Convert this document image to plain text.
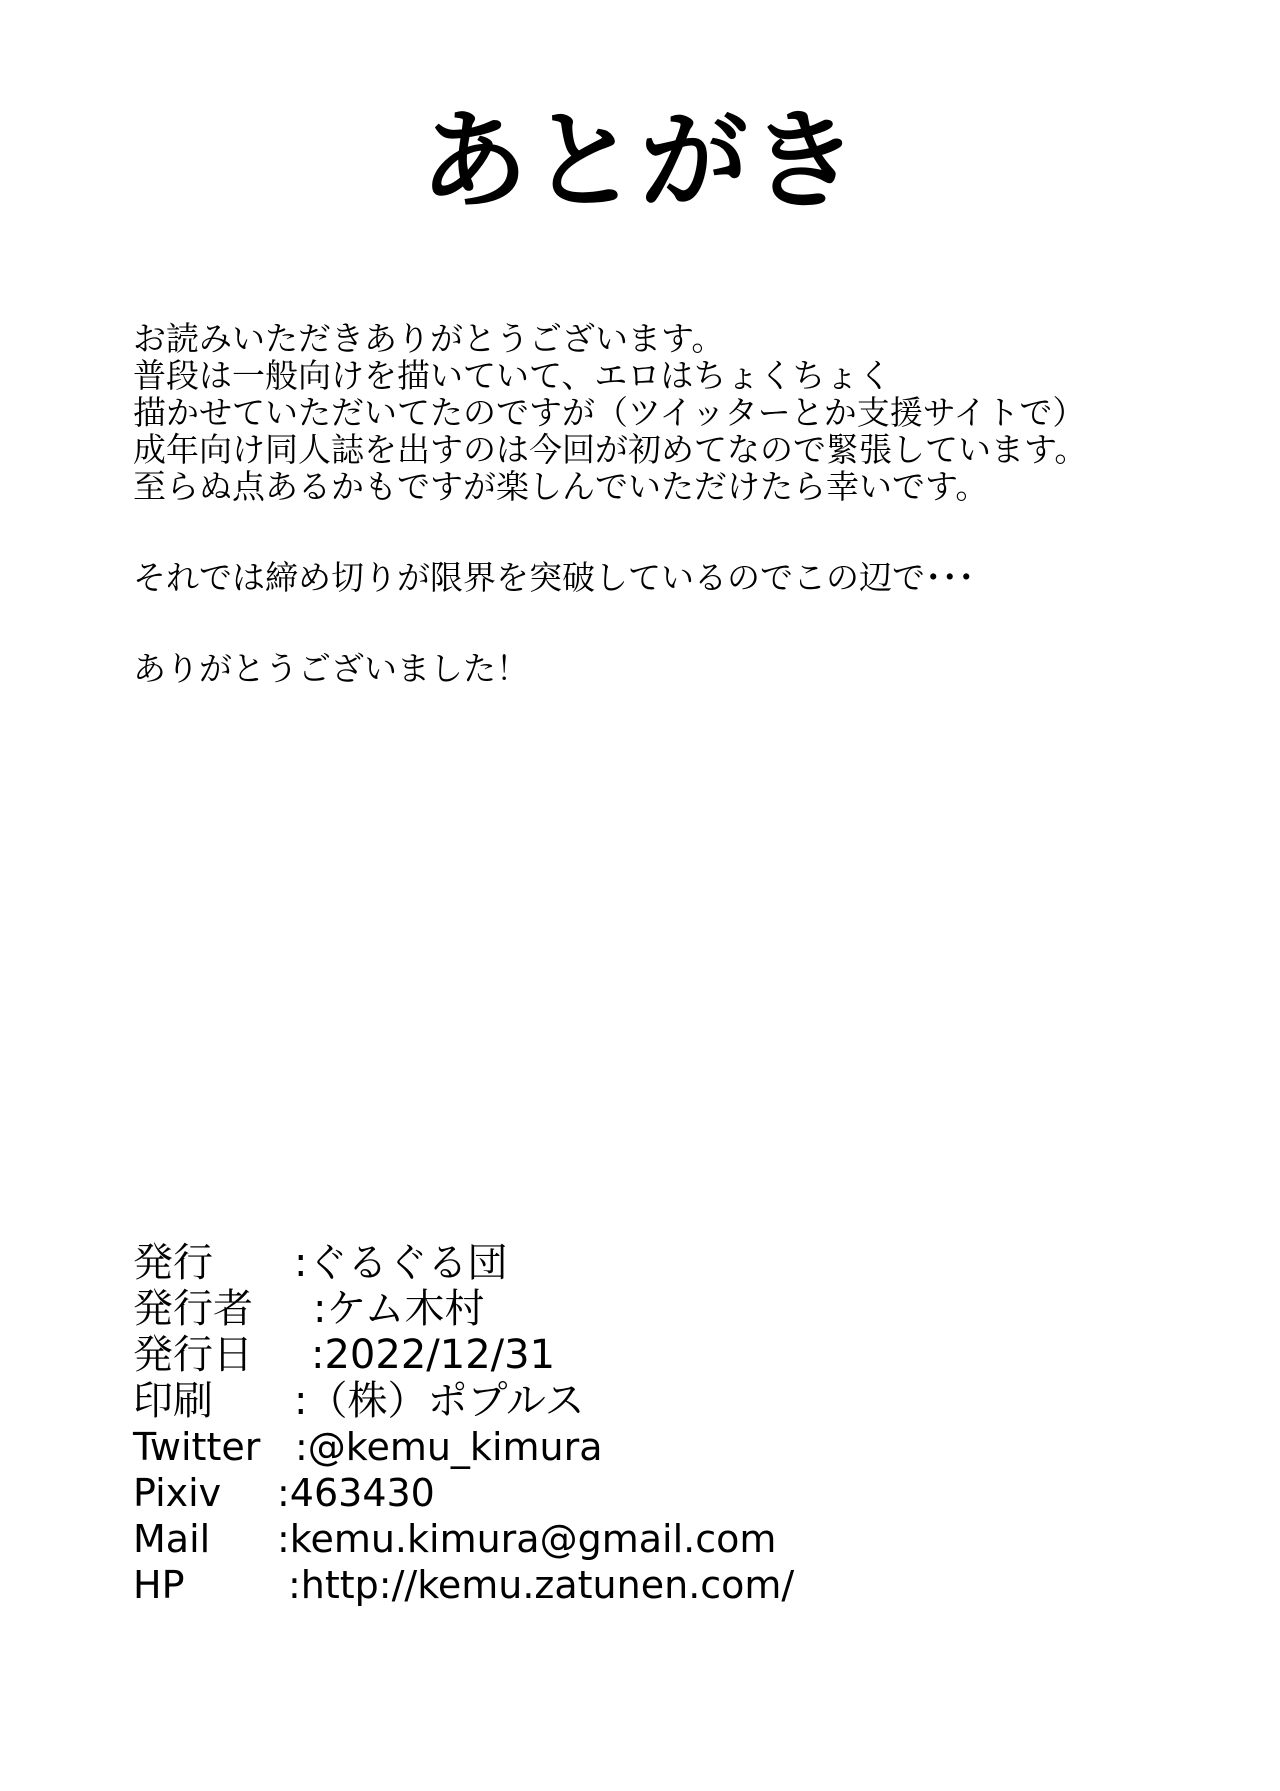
あとがき
お読みいただきありがとうございます。
普段は一般向けを描いていて、エロはちょくちょく
描かせていただいてたのですが（ツイッターとか支援サイトで）
成年向け同人誌を出すのは今回が初めてなので緊張しています。
至らぬ点あるかもですが楽しんでいただけたら幸いです。
それでは締め切りが限界を突破しているのでこの辺で･･･
ありがとうございました！
発行 :ぐるぐる団
発行者 :ケム木村
発行日 :2022/12/31
印刷 :（株）ポプルス
Twitter :@kemu_kimura
Pixiv :463430
Mail :kemu.kimura@gmail.com
HP	:http://kemu.zatunen.com/
